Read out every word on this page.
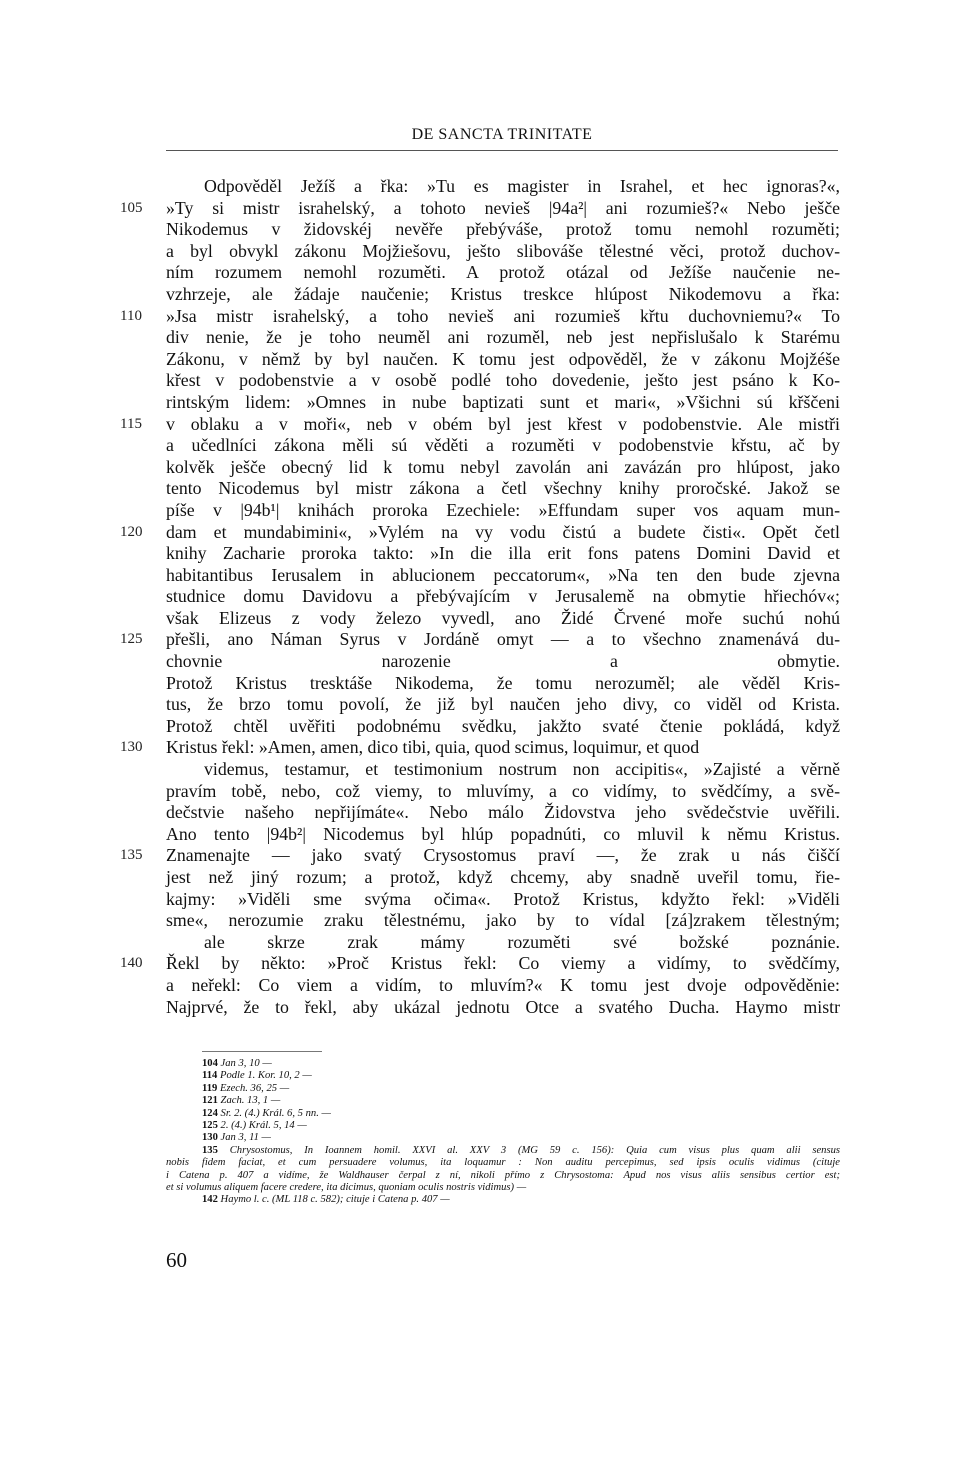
DE SANCTA TRINITATE
Odpověděl Ježíš a řka: »Tu es magister in Israhel, et hec ignoras?«,
105 »Ty si mistr israhelský, a tohoto nevieš |94a²| ani rozumieš?« Nebo ješče
Nikodemus v židovskéj nevěře přebývášе, protož tomu nemohl rozuměti;
a byl obvykl zákonu Mojžiešovu, ješto slibováše tělestné věci, protož duchov-
ním rozumem nemohl rozuměti. A protož otázal od Ježíše naučenie ne-
vzhrzeje, ale žádaje naučenie; Kristus treskce hlúpost Nikodemovu a řka:
110 »Jsa mistr israhelský, a toho nevieš ani rozumieš křtu duchovniemu?« To
div nenie, že je toho neuměl ani rozuměl, neb jest nepřislušalo k Starému
Zákonu, v němž by byl naučen. K tomu jest odpověděl, že v zákonu Mojžéše
křest v podobenstvie a v osobě podlé toho dovedenie, ješto jest psáno k Ko-
rintským lidem: »Omnes in nube baptizati sunt et mari«, »Všichni sú křščeni
115 v oblaku a v moři«, neb v obém byl jest křest v podobenstvie. Ale mistři
a učedlníci zákona měli sú věděti a rozuměti v podobenstvie křstu, ač by
kolvěk ješče obecný lid k tomu nebyl zavolán ani zavázán pro hlúpost, jako
tento Nicodemus byl mistr zákona a četl všechny knihy proročské. Jakož se
píše v |94b¹| knihách proroka Ezechiele: »Effundam super vos aquam mun-
120 dam et mundabimini«, »Vylém na vy vodu čistú a budete čisti«. Opět četl
knihy Zacharie proroka takto: »In die illa erit fons patens Domini David et
habitantibus Ierusalem in ablucionem peccatorum«, »Na ten den bude zjevna
studnice domu Davidovu a přebývajícím v Jerusalemě na obmytie hřiechóv«;
však Elizeus z vody železo vyvedl, ano Židé Črvené moře suchú nohú
125 přešli, ano Náman Syrus v Jordáně omyt — a to všechno znamenává du-
chovnie narozenie a obmytie.
Protož Kristus tresktáše Nikodema, že tomu nerozuměl; ale věděl Kris-
tus, že brzo tomu povolí, že již byl naučen jeho divy, co viděl od Krista.
Protož chtěl uvěřiti podobnému svědku, jakžto svaté čtenie pokládá, když
130 Kristus řekl: »Amen, amen, dico tibi, quia, quod scimus, loquimur, et quod
videmus, testamur, et testimonium nostrum non accipitis«, »Zajisté a věrně
pravím tobě, nebo, což viemy, to mluvímy, a co vidímy, to svědčímy, a svě-
dečstvie našeho nepřijímáte«. Nebo málo Židovstva jeho svědečstvie uvěřili.
Ano tento |94b²| Nicodemus byl hlúp popadnúti, co mluvil k němu Kristus.
135 Znamenajte — jako svatý Crysostomus praví —, že zrak u nás čiščí
jest než jiný rozum; a protož, když chcemy, aby snadně uveřil tomu, řie-
kajmy: »Viděli sme svýma očima«. Protož Kristus, kdyžto řekl: »Viděli
sme«, nerozumie zraku tělestnému, jako by to vídal [zá]zrakem tělestným;
ale skrze zrak mámy rozuměti své božské poznánie.
140 Řekl by někto: »Proč Kristus řekl: Co viemy a vidímy, to svědčímy,
a neřekl: Co viem a vidím, to mluvím?« K tomu jest dvoje odpověděnie:
Najprvé, že to řekl, aby ukázal jednotu Otce a svatého Ducha. Haymo mistr
104 Jan 3, 10 —
114 Podle 1. Kor. 10, 2 —
119 Ezech. 36, 25 —
121 Zach. 13, 1 —
124 Sr. 2. (4.) Král. 6, 5 nn. —
125 2. (4.) Král. 5, 14 —
130 Jan 3, 11 —
135 Chrysostomus, In Ioannem homil. XXVI al. XXV 3 (MG 59 c. 156): Quia cum visus plus quam alii sensus
nobis fidem faciat, et cum persuadere volumus, ita loquamur : Non auditu percepimus, sed ipsis oculis vidimus (cituje
i Catena p. 407 a vidíme, že Waldhauser čerpal z ní, nikoli přímo z Chrysostoma: Apud nos visus aliis sensibus certior est;
et si volumus aliquem facere credere, ita dicimus, quoniam oculis nostris vidimus) —
142 Haymo l. c. (ML 118 c. 582); cituje i Catena p. 407 —
60
